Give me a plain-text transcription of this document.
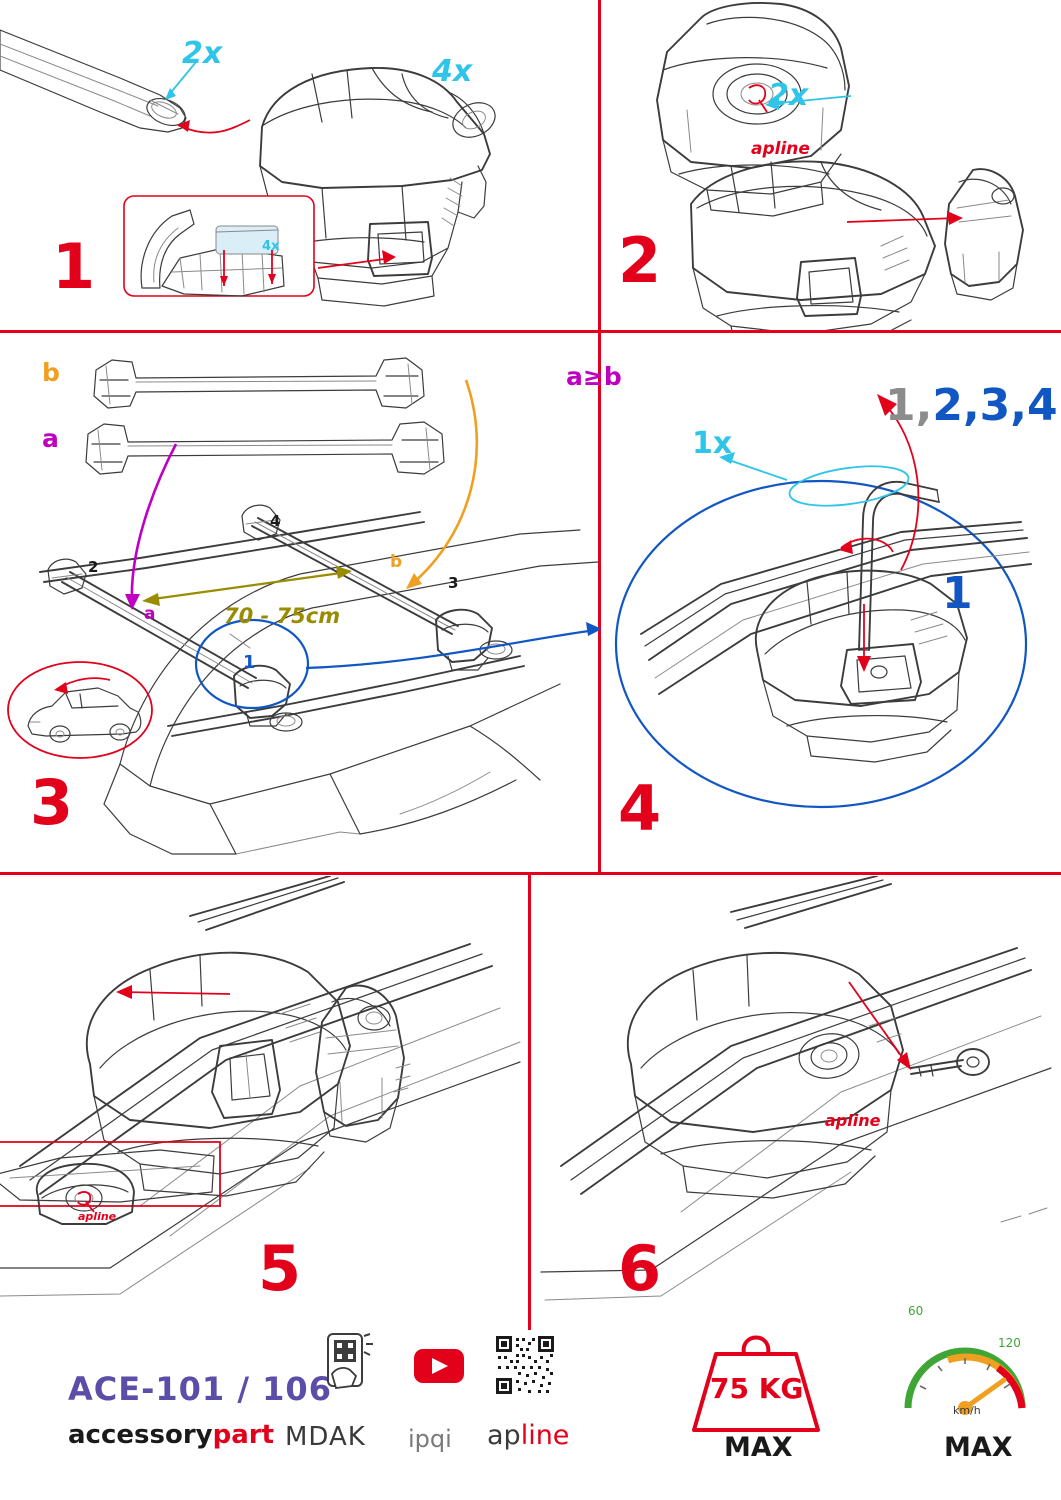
4x
2x
4x
1
apline
2x
2
b
a
a
b
2
4
3
1
70 - 75cm
a≥b
3
1x
1,2,3,4
1
4
apline
5
apline
6
ACE-101 / 106
accessorypart MDAK ipqi apline
75 KG
MAX
60
120
km/h
MAX
